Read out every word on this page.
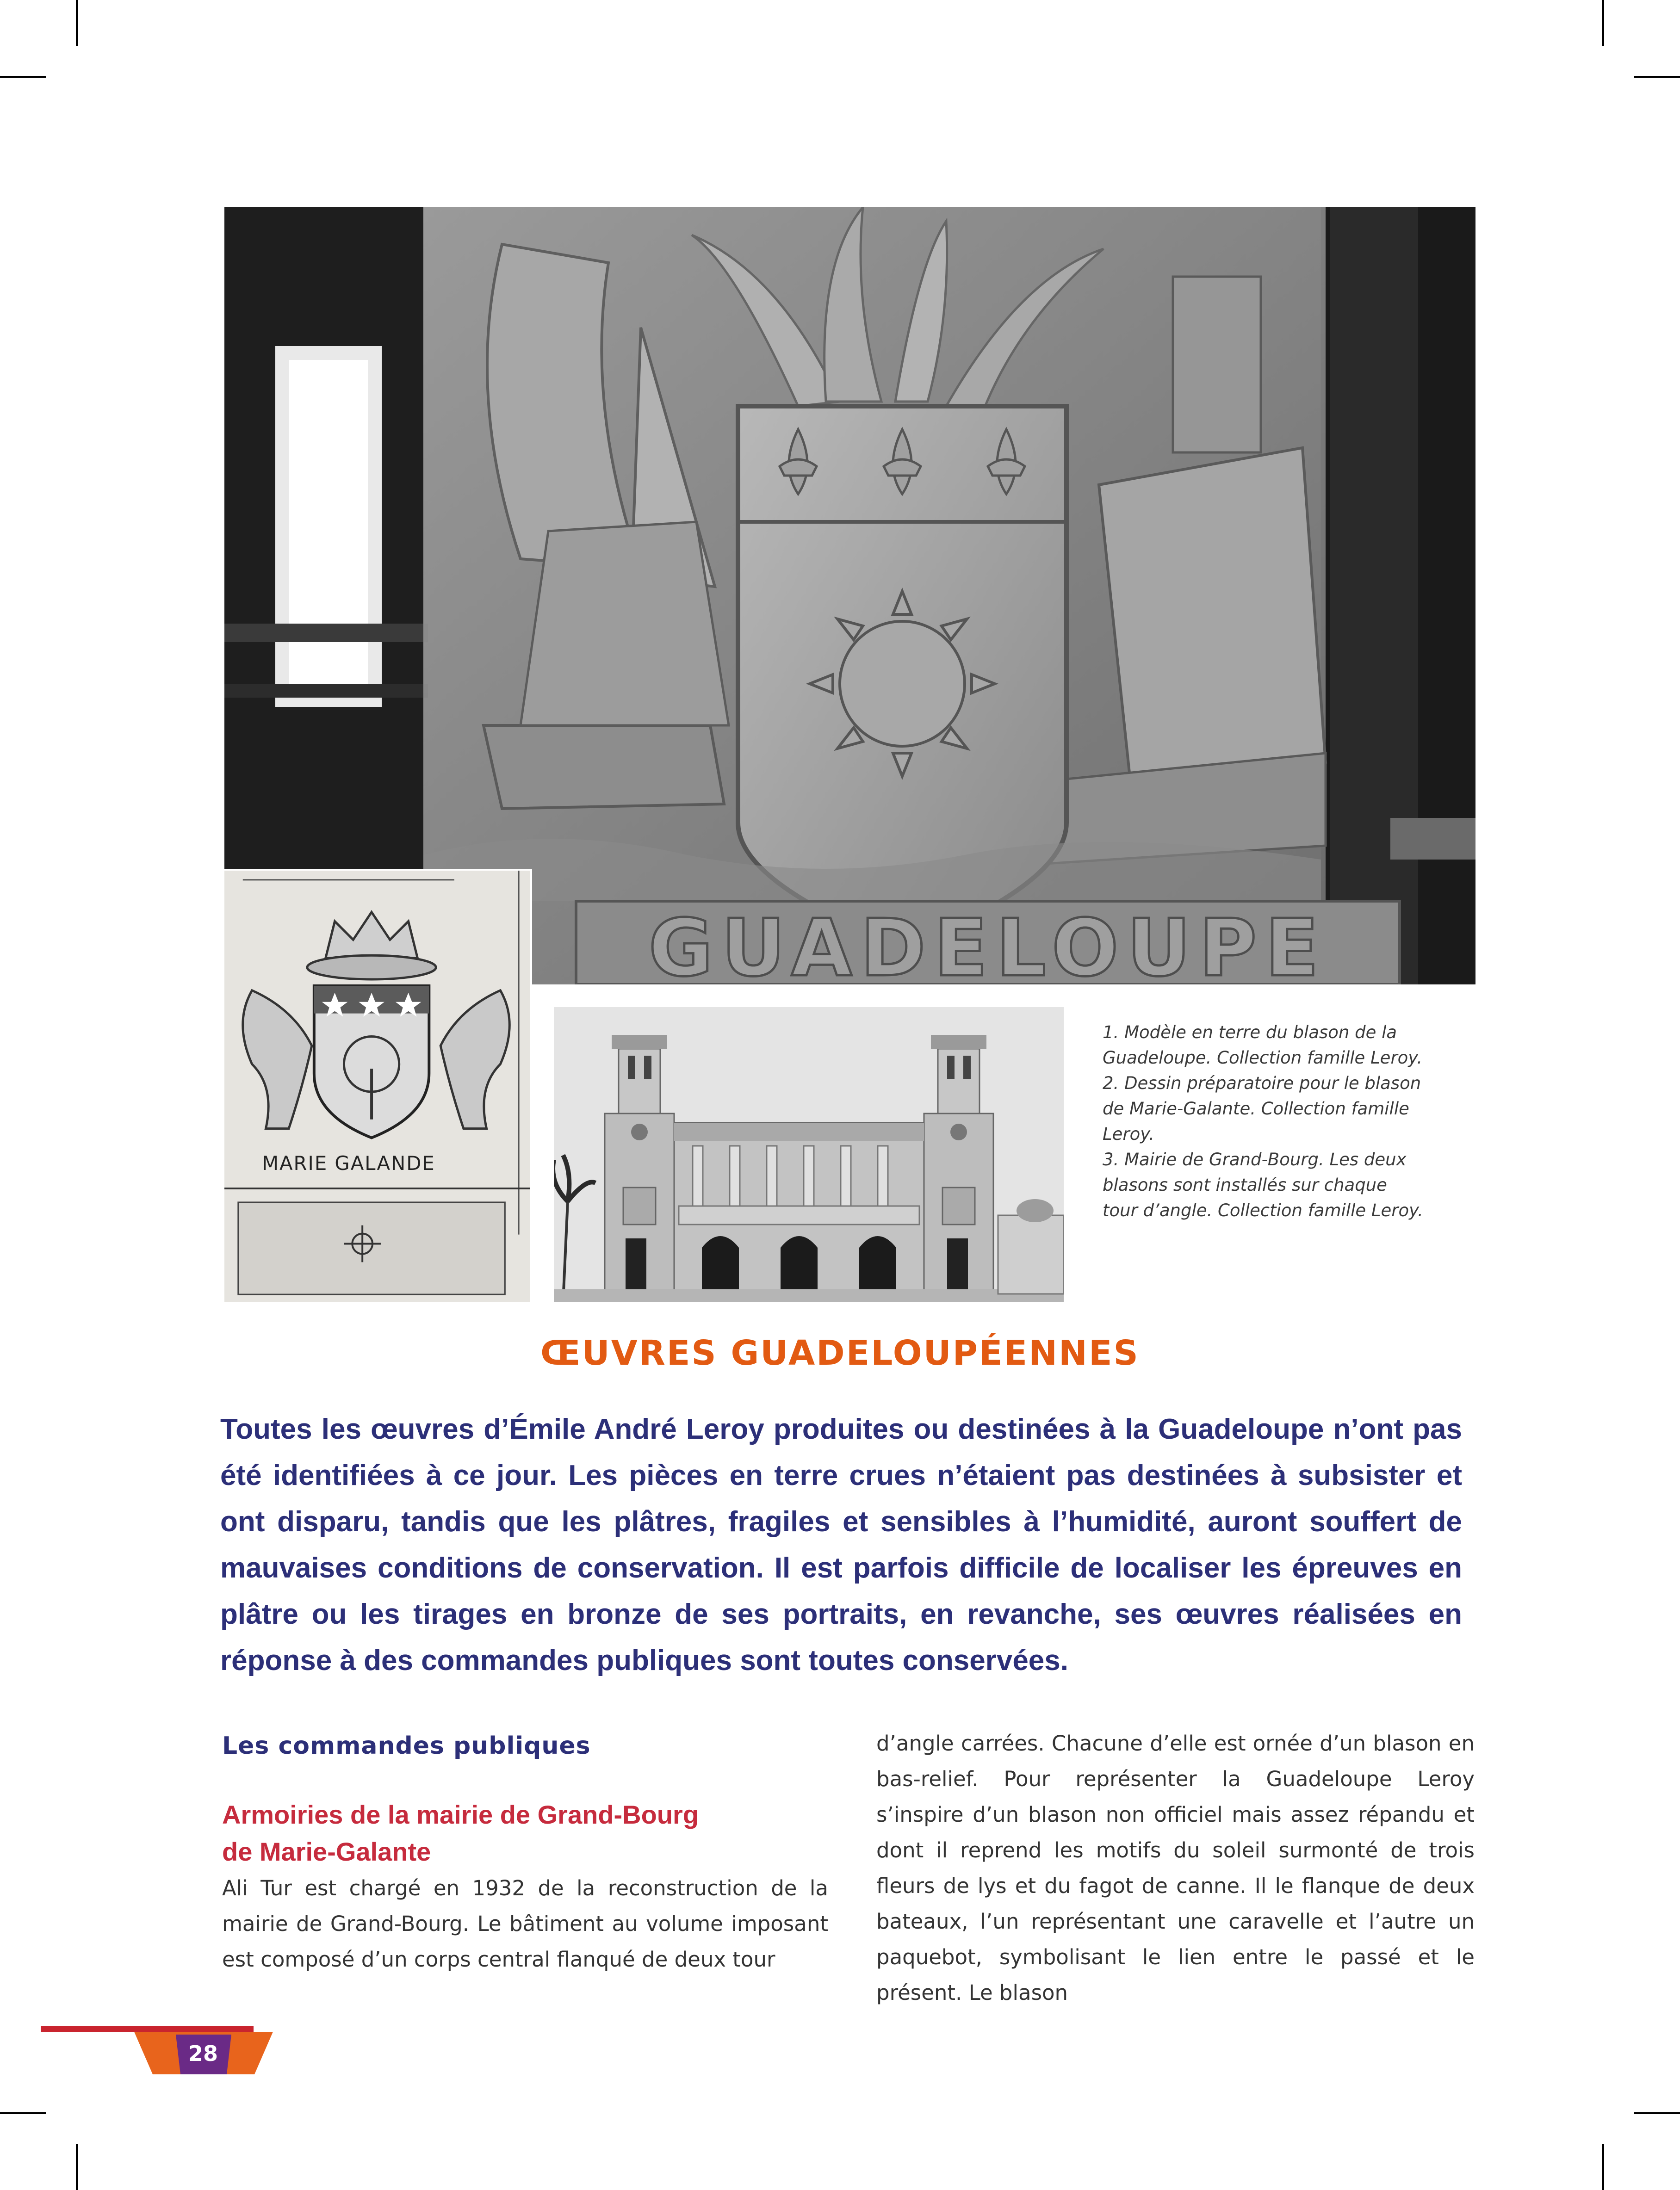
GUADELOUPE
MARIE GALANDE

1. Modèle en terre du blason de la Guadeloupe. Collection famille Leroy.

2. Dessin préparatoire pour le blason de Marie-Galante. Collection famille Leroy.

3. Mairie de Grand-Bourg. Les deux blasons sont installés sur chaque tour d’angle. Collection famille Leroy.

ŒUVRES GUADELOUPÉENNES
Toutes les œuvres d’Émile André Leroy produites ou destinées à la Guadeloupe n’ont pas été identifiées à ce jour. Les pièces en terre crues n’étaient pas destinées à subsister et ont disparu, tandis que les plâtres, fragiles et sensibles à l’humidité, auront souffert de mauvaises conditions de conservation. Il est parfois difficile de localiser les épreuves en plâtre ou les tirages en bronze de ses portraits, en revanche, ses œuvres réalisées en réponse à des commandes publiques sont toutes conservées.
Les commandes publiques
Armoiries de la mairie de Grand-Bourg
de Marie-Galante
Ali Tur est chargé en 1932 de la reconstruction de la mairie de Grand-Bourg. Le bâtiment au volume imposant est composé d’un corps central flanqué de deux tour
d’angle carrées. Chacune d’elle est ornée d’un blason en bas-relief. Pour représenter la Guadeloupe Leroy s’inspire d’un blason non officiel mais assez répandu et dont il reprend les motifs du soleil surmonté de trois fleurs de lys et du fagot de canne. Il le flanque de deux bateaux, l’un représentant une caravelle et l’autre un paquebot, symbolisant le lien entre le passé et le présent. Le blason
28
